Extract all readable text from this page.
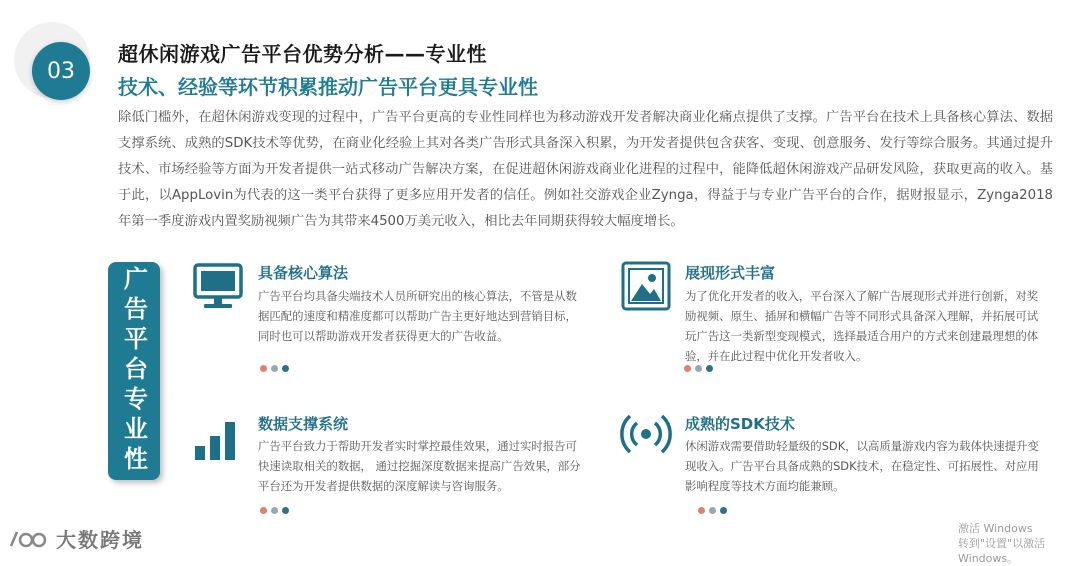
03
超休闲游戏广告平台优势分析——专业性
技术、经验等环节积累推动广告平台更具专业性
除低门槛外，在超休闲游戏变现的过程中，广告平台更高的专业性同样也为移动游戏开发者解决商业化痛点提供了支撑。广告平台在技术上具备核心算法、数据支撑系统、成熟的SDK技术等优势，在商业化经验上其对各类广告形式具备深入积累，为开发者提供包含获客、变现、创意服务、发行等综合服务。其通过提升技术、市场经验等方面为开发者提供一站式移动广告解决方案，在促进超休闲游戏商业化进程的过程中，能降低超休闲游戏产品研发风险，获取更高的收入。基于此，以AppLovin为代表的这一类平台获得了更多应用开发者的信任。例如社交游戏企业Zynga，得益于与专业广告平台的合作，据财报显示，Zynga2018年第一季度游戏内置奖励视频广告为其带来4500万美元收入，相比去年同期获得较大幅度增长。
广告平台专业性	具备核心算法
广告平台均具备尖端技术人员所研究出的核心算法，不管是从数据匹配的速度和精准度都可以帮助广告主更好地达到营销目标，同时也可以帮助游戏开发者获得更大的广告收益。
展现形式丰富
为了优化开发者的收入，平台深入了解广告展现形式并进行创新，对奖励视频、原生、插屏和横幅广告等不同形式具备深入理解，并拓展可试玩广告这一类新型变现模式，选择最适合用户的方式来创建最理想的体验，并在此过程中优化开发者收入。
数据支撑系统
广告平台致力于帮助开发者实时掌控最佳效果，通过实时报告可快速读取相关的数据， 通过挖掘深度数据来提高广告效果，部分平台还为开发者提供数据的深度解读与咨询服务。
成熟的SDK技术
休闲游戏需要借助轻量级的SDK，以高质量游戏内容为载体快速提升变现收入。广告平台具备成熟的SDK技术，在稳定性、可拓展性、对应用影响程度等技术方面均能兼顾。
大数跨境	激活 Windows
转到"设置"以激活 Windows。
